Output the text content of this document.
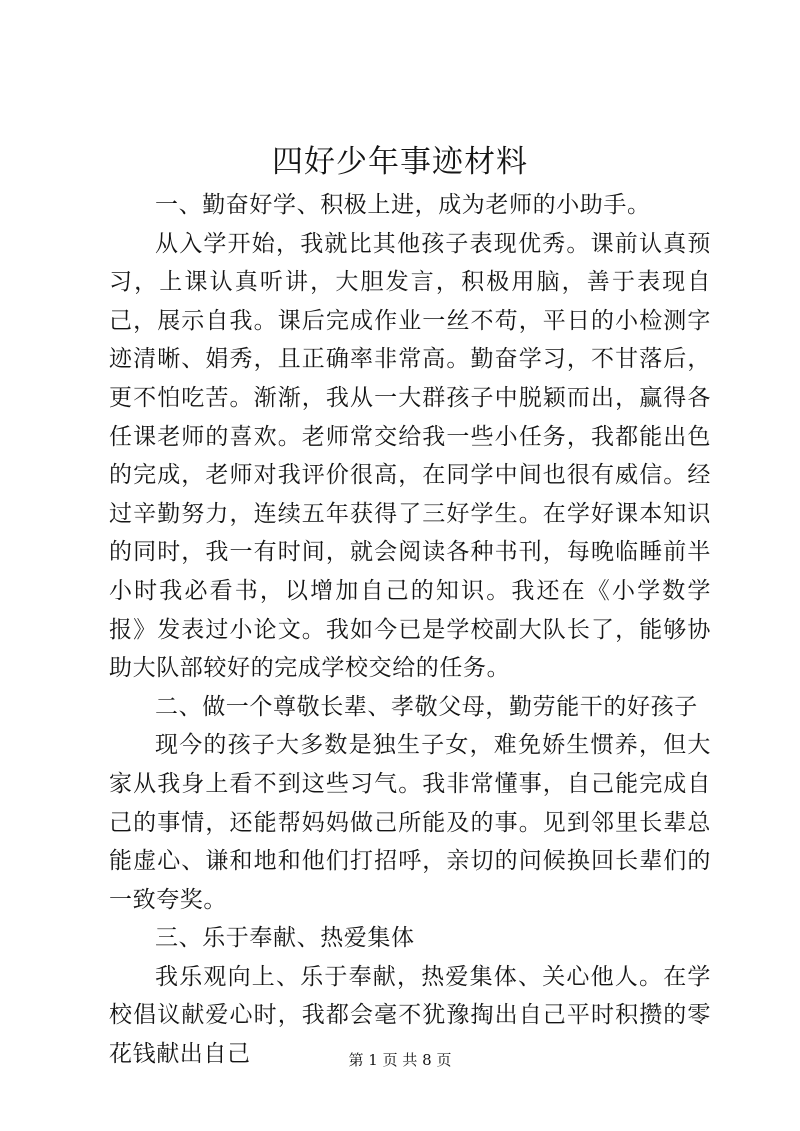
四好少年事迹材料

一、勤奋好学、积极上进，成为老师的小助手。

从入学开始，我就比其他孩子表现优秀。课前认真预习，上课认真听讲，大胆发言，积极用脑，善于表现自己，展示自我。课后完成作业一丝不苟，平日的小检测字迹清晰、娟秀，且正确率非常高。勤奋学习，不甘落后，更不怕吃苦。渐渐，我从一大群孩子中脱颖而出，赢得各任课老师的喜欢。老师常交给我一些小任务，我都能出色的完成，老师对我评价很高，在同学中间也很有威信。经过辛勤努力，连续五年获得了三好学生。在学好课本知识的同时，我一有时间，就会阅读各种书刊，每晚临睡前半小时我必看书，以增加自己的知识。我还在《小学数学报》发表过小论文。我如今已是学校副大队长了，能够协助大队部较好的完成学校交给的任务。

二、做一个尊敬长辈、孝敬父母，勤劳能干的好孩子

现今的孩子大多数是独生子女，难免娇生惯养，但大家从我身上看不到这些习气。我非常懂事，自己能完成自己的事情，还能帮妈妈做己所能及的事。见到邻里长辈总能虚心、谦和地和他们打招呼，亲切的问候换回长辈们的一致夸奖。

三、乐于奉献、热爱集体

我乐观向上、乐于奉献，热爱集体、关心他人。在学校倡议献爱心时，我都会毫不犹豫掏出自己平时积攒的零花钱献出自己	第 1 页 共 8 页
